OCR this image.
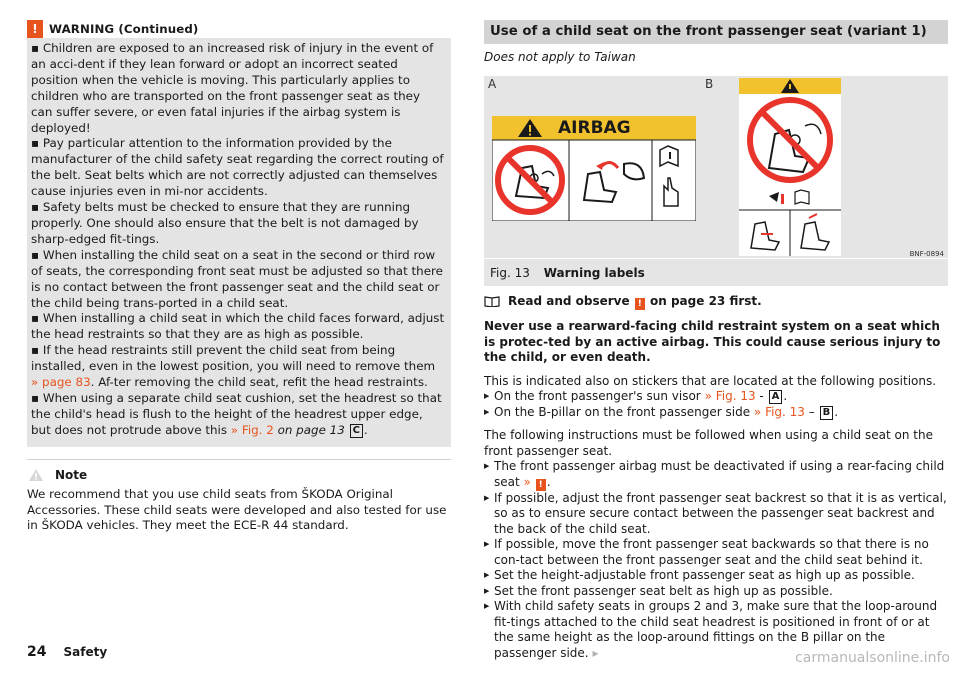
! WARNING (Continued)

▪ Children are exposed to an increased risk of injury in the event of an acci-dent if they lean forward or adopt an incorrect seated position when the vehicle is moving. This particularly applies to children who are transported on the front passenger seat as they can suffer severe, or even fatal injuries if the airbag system is deployed!

▪ Pay particular attention to the information provided by the manufacturer of the child safety seat regarding the correct routing of the belt. Seat belts which are not correctly adjusted can themselves cause injuries even in mi-nor accidents.

▪ Safety belts must be checked to ensure that they are running properly. One should also ensure that the belt is not damaged by sharp-edged fit-tings.

▪ When installing the child seat on a seat in the second or third row of seats, the corresponding front seat must be adjusted so that there is no contact between the front passenger seat and the child seat or the child being trans-ported in a child seat.

▪ When installing a child seat in which the child faces forward, adjust the head restraints so that they are as high as possible.

▪ If the head restraints still prevent the child seat from being installed, even in the lowest position, you will need to remove them » page 83. Af-ter removing the child seat, refit the head restraints.

▪ When using a separate child seat cushion, set the headrest so that the child's head is flush to the height of the headrest upper edge, but does not protrude above this » Fig. 2 on page 13 C .

Note
We recommend that you use child seats from ŠKODA Original Accessories. These child seats were developed and also tested for use in ŠKODA vehicles. They meet the ECE-R 44 standard.
Use of a child seat on the front passenger seat (variant 1)
Does not apply to Taiwan
A	B
AIRBAG
BNF-0894
Fig. 13 Warning labels
Read and observe ! on page 23 first.
Never use a rearward-facing child restraint system on a seat which is protec-ted by an active airbag. This could cause serious injury to the child, or even death.
This is indicated also on stickers that are located at the following positions.
▶ On the front passenger's sun visor » Fig. 13 - A .
▶ On the B-pillar on the front passenger side » Fig. 13 – B .
The following instructions must be followed when using a child seat on the front passenger seat.
▶ The front passenger airbag must be deactivated if using a rear-facing child seat » ! .
▶ If possible, adjust the front passenger seat backrest so that it is as vertical, so as to ensure secure contact between the passenger seat backrest and the back of the child seat.
▶ If possible, move the front passenger seat backwards so that there is no con-tact between the front passenger seat and the child seat behind it.
▶ Set the height-adjustable front passenger seat as high up as possible.
▶ Set the front passenger seat belt as high up as possible.
▶ With child safety seats in groups 2 and 3, make sure that the loop-around fit-tings attached to the child seat headrest is positioned in front of or at the same height as the loop-around fittings on the B pillar on the passenger side. ▸
24 Safety	carmanualsonline.info
